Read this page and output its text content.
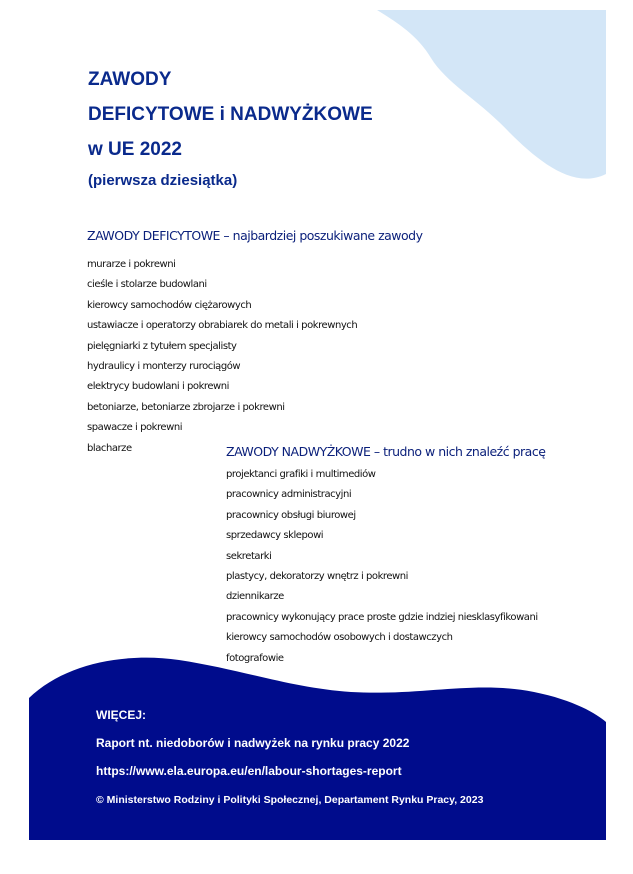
ZAWODY
DEFICYTOWE i NADWYŻKOWE
w UE 2022
(pierwsza dziesiątka)
ZAWODY DEFICYTOWE – najbardziej poszukiwane zawody
murarze i pokrewni
cieśle i stolarze budowlani
kierowcy samochodów ciężarowych
ustawiacze i operatorzy obrabiarek do metali i pokrewnych
pielęgniarki z tytułem specjalisty
hydraulicy i monterzy rurociągów
elektrycy budowlani i pokrewni
betoniarze, betoniarze zbrojarze i pokrewni
spawacze i pokrewni
blacharze	ZAWODY NADWYŻKOWE – trudno w nich znaleźć pracę
projektanci grafiki i multimediów
pracownicy administracyjni
pracownicy obsługi biurowej
sprzedawcy sklepowi
sekretarki
plastycy, dekoratorzy wnętrz i pokrewni
dziennikarze
pracownicy wykonujący prace proste gdzie indziej niesklasyfikowani
kierowcy samochodów osobowych i dostawczych
fotografowie
WIĘCEJ:
Raport nt. niedoborów i nadwyżek na rynku pracy 2022
https://www.ela.europa.eu/en/labour-shortages-report
© Ministerstwo Rodziny i Polityki Społecznej, Departament Rynku Pracy, 2023
